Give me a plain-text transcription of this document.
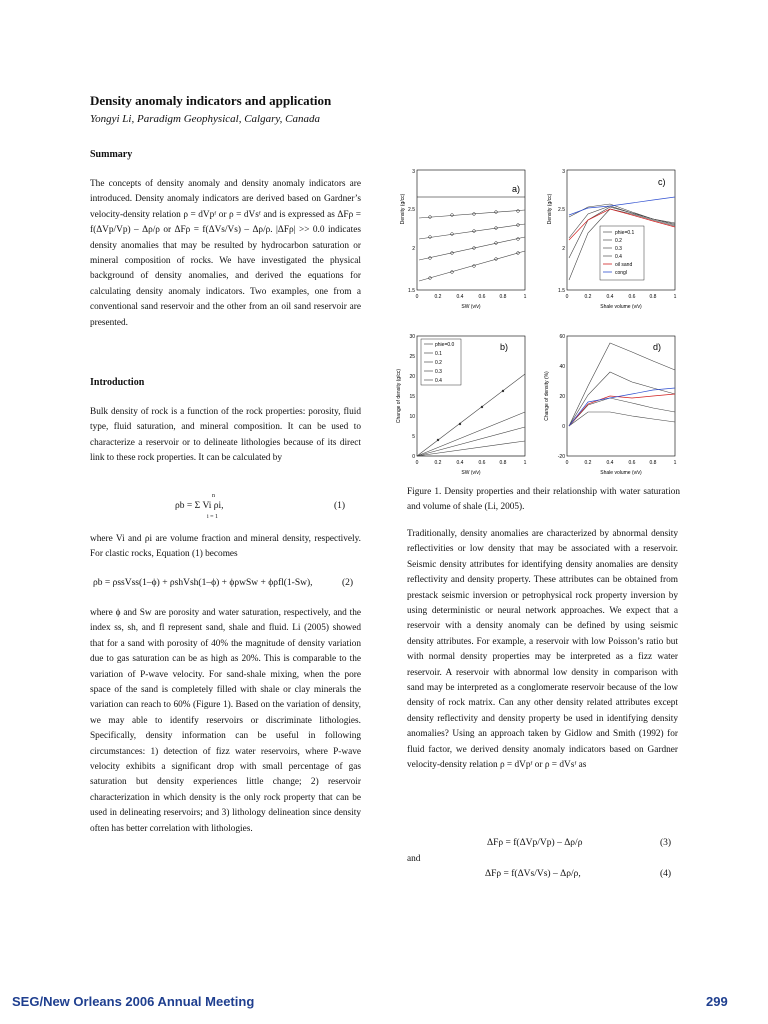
Density anomaly indicators and application
Yongyi Li, Paradigm Geophysical, Calgary, Canada
Summary
The concepts of density anomaly and density anomaly indicators are introduced. Density anomaly indicators are derived based on Gardner’s velocity-density relation ρ = dVpᶠ or ρ = dVsᶠ and is expressed as ΔFρ = f(ΔVp/Vp) – Δρ/ρ or ΔFρ = f(ΔVs/Vs) – Δρ/ρ. |ΔFρ| >> 0.0 indicates density anomalies that may be resulted by hydrocarbon saturation or mineral composition of rocks. We have investigated the physical background of density anomalies, and derived the equations for calculating density anomaly indicators. Two examples, one from a conventional sand reservoir and the other from an oil sand reservoir are presented.
Introduction
Bulk density of rock is a function of the rock properties: porosity, fluid type, fluid saturation, and mineral composition. It can be used to characterize a reservoir or to delineate lithologies because of its direct link to these rock properties. It can be calculated by
ρb = Σ Vi ρi,
n
i = 1
(1)
where Vi and ρi are volume fraction and mineral density, respectively. For clastic rocks, Equation (1) becomes
ρb = ρssVss(1–ϕ) + ρshVsh(1–ϕ) + ϕρwSw + ϕρfl(1-Sw),	(2)
where ϕ and Sw are porosity and water saturation, respectively, and the index ss, sh, and fl represent sand, shale and fluid. Li (2005) showed that for a sand with porosity of 40% the magnitude of density variation due to gas saturation can be as high as 20%. This is comparable to the variation of P-wave velocity. For sand-shale mixing, when the pore space of the sand is completely filled with shale or clay minerals the variation can reach to 60% (Figure 1). Based on the variation of density, we may able to identify reservoirs or discriminate lithologies. Specifically, density information can be useful in following circumstances: 1) detection of fizz water reservoirs, where P-wave velocity exhibits a significant drop with small percentage of gas saturation but density experiences little change; 2) reservoir characterization in which density is the only rock property that can be used in delineating reservoirs; and 3) lithology delineation since density often has better correlation with lithologies.
a)
Density (g/cc)
SW (v/v)
1.5
2
2.5
3
0	0.2	0.4	0.6	0.8	1
c)
Density (g/cc)
Shale volume (v/v)
1.5
2
2.5
3
0	0.2	0.4	0.6	0.8	1
phie=0.1
0.2
0.3
0.4
oil sand
congl
b)
Change of density (g/cc)
SW (v/v)
0
5
10
15
20
25
30
0	0.2	0.4	0.6	0.8	1
phie=0.0
0.1
0.2
0.3
0.4
d)
Change of density (%)
Shale volume (v/v)
-20
0
20
40
60
0	0.2	0.4	0.6	0.8	1
Figure 1. Density properties and their relationship with water saturation and volume of shale (Li, 2005).
Traditionally, density anomalies are characterized by abnormal density reflectivities or low density that may be associated with a reservoir. Seismic density attributes for identifying density anomalies are density reflectivity and density property. These attributes can be obtained from prestack seismic inversion or petrophysical rock property inversion by using deterministic or neural network approaches. We expect that a reservoir with a density anomaly can be defined by using seismic density attributes. For example, a reservoir with low Poisson’s ratio but with normal density properties may be interpreted as a fizz water reservoir. A reservoir with abnormal low density in comparison with sand may be interpreted as a conglomerate reservoir because of the low density of rock matrix. Can any other density related attributes except density reflectivity and density property be used in identifying density anomalies? Using an approach taken by Gidlow and Smith (1992) for fluid factor, we derived density anomaly indicators based on Gardner velocity-density relation ρ = dVpᶠ or ρ = dVsᶠ as
ΔFρ = f(ΔVp/Vp) – Δρ/ρ	(3)
and
ΔFρ = f(ΔVs/Vs) – Δρ/ρ,	(4)
SEG/New Orleans 2006 Annual Meeting	299
